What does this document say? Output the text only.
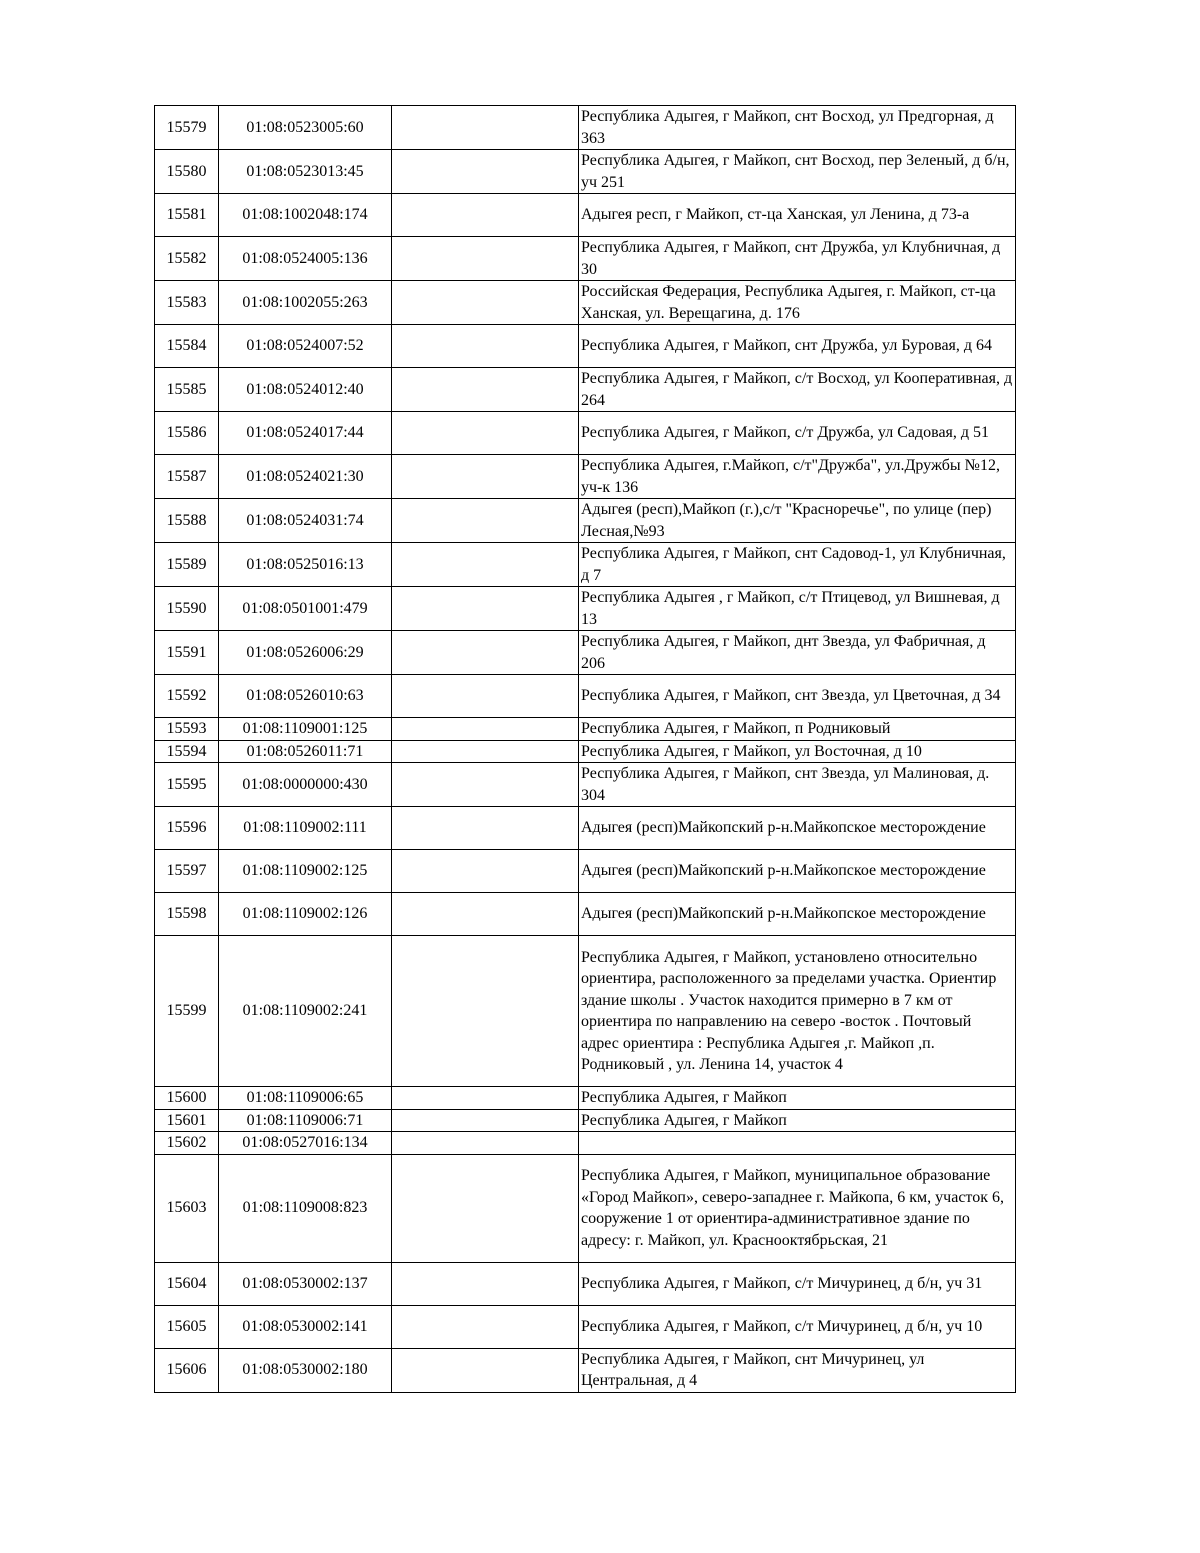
15579	01:08:0523005:60		Республика Адыгея, г Майкоп, снт Восход, ул Предгорная, д 363
15580	01:08:0523013:45		Республика Адыгея, г Майкоп, снт Восход, пер Зеленый, д б/н, уч 251
15581	01:08:1002048:174		Адыгея респ, г Майкоп, ст-ца Ханская, ул Ленина, д 73-а
15582	01:08:0524005:136		Республика Адыгея, г Майкоп, снт Дружба, ул Клубничная, д 30
15583	01:08:1002055:263		Российская Федерация, Республика Адыгея, г. Майкоп, ст-ца Ханская, ул. Верещагина, д. 176
15584	01:08:0524007:52		Республика Адыгея, г Майкоп, снт Дружба, ул Буровая, д 64
15585	01:08:0524012:40		Республика Адыгея, г Майкоп, с/т Восход, ул Кооперативная, д 264
15586	01:08:0524017:44		Республика Адыгея, г Майкоп, с/т Дружба, ул Садовая, д 51
15587	01:08:0524021:30		Республика Адыгея, г.Майкоп, с/т"Дружба", ул.Дружбы №12, уч-к 136
15588	01:08:0524031:74		Адыгея (респ),Майкоп (г.),с/т "Красноречье", по улице (пер) Лесная,№93
15589	01:08:0525016:13		Республика Адыгея, г Майкоп, снт Садовод-1, ул Клубничная, д 7
15590	01:08:0501001:479		Республика Адыгея , г Майкоп, с/т Птицевод, ул Вишневая, д 13
15591	01:08:0526006:29		Республика Адыгея, г Майкоп, днт Звезда, ул Фабричная, д 206
15592	01:08:0526010:63		Республика Адыгея, г Майкоп, снт Звезда, ул Цветочная, д 34
15593	01:08:1109001:125		Республика Адыгея, г Майкоп, п Родниковый
15594	01:08:0526011:71		Республика Адыгея, г Майкоп, ул Восточная, д 10
15595	01:08:0000000:430		Республика Адыгея, г Майкоп, снт Звезда, ул Малиновая, д. 304
15596	01:08:1109002:111		Адыгея (респ)Майкопский р-н.Майкопское месторождение
15597	01:08:1109002:125		Адыгея (респ)Майкопский р-н.Майкопское месторождение
15598	01:08:1109002:126		Адыгея (респ)Майкопский р-н.Майкопское месторождение
15599	01:08:1109002:241		Республика Адыгея, г Майкоп, установлено относительно ориентира, расположенного за пределами участка. Ориентир здание школы . Участок находится примерно в 7 км от ориентира по направлению на северо -восток . Почтовый адрес ориентира : Республика Адыгея ,г. Майкоп ,п. Родниковый , ул. Ленина 14, участок 4
15600	01:08:1109006:65		Республика Адыгея, г Майкоп
15601	01:08:1109006:71		Республика Адыгея, г Майкоп
15602	01:08:0527016:134		
15603	01:08:1109008:823		Республика Адыгея, г Майкоп, муниципальное образование «Город Майкоп», северо-западнее г. Майкопа, 6 км, участок 6, сооружение 1 от ориентира-административное здание по адресу: г. Майкоп, ул. Краснооктябрьская, 21
15604	01:08:0530002:137		Республика Адыгея, г Майкоп, с/т Мичуринец, д б/н, уч 31
15605	01:08:0530002:141		Республика Адыгея, г Майкоп, с/т Мичуринец, д б/н, уч 10
15606	01:08:0530002:180		Республика Адыгея, г Майкоп, снт Мичуринец, ул Центральная, д 4
